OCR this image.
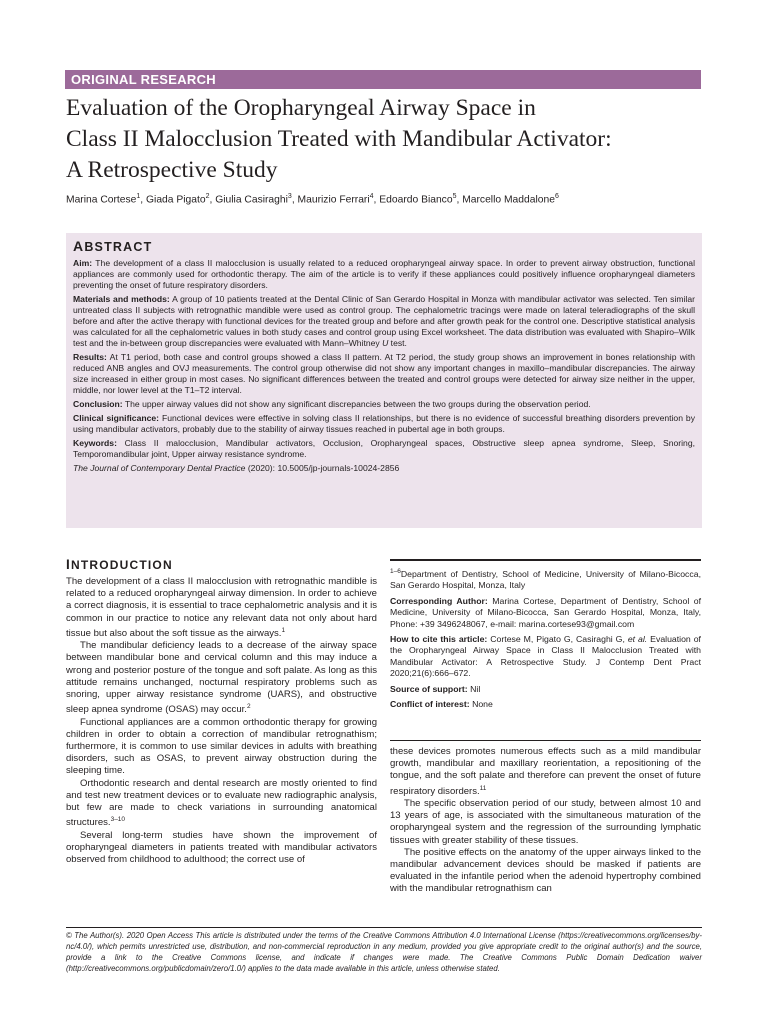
ORIGINAL RESEARCH
Evaluation of the Oropharyngeal Airway Space in
Class II Malocclusion Treated with Mandibular Activator:
A Retrospective Study
Marina Cortese$^1$, Giada Pigato$^2$, Giulia Casiraghi$^3$, Maurizio Ferrari$^4$, Edoardo Bianco$^5$, Marcello Maddalone$^6$
ABSTRACT

Aim: The development of a class II malocclusion is usually related to a reduced oropharyngeal airway space. In order to prevent airway obstruction, functional appliances are commonly used for orthodontic therapy. The aim of the article is to verify if these appliances could positively influence oropharyngeal diameters preventing the onset of future respiratory disorders.

Materials and methods: A group of 10 patients treated at the Dental Clinic of San Gerardo Hospital in Monza with mandibular activator was selected. Ten similar untreated class II subjects with retrognathic mandible were used as control group. The cephalometric tracings were made on lateral teleradiographs of the skull before and after the active therapy with functional devices for the treated group and before and after growth peak for the control one. Descriptive statistical analysis was calculated for all the cephalometric values in both study cases and control group using Excel worksheet. The data distribution was evaluated with Shapiro–Wilk test and the in-between group discrepancies were evaluated with Mann–Whitney U test.

Results: At T1 period, both case and control groups showed a class II pattern. At T2 period, the study group shows an improvement in bones relationship with reduced ANB angles and OVJ measurements. The control group otherwise did not show any important changes in maxillo–mandibular discrepancies. The airway size increased in either group in most cases. No significant differences between the treated and control groups were detected for airway size neither in the upper, middle, nor lower level at the T1–T2 interval.

Conclusion: The upper airway values did not show any significant discrepancies between the two groups during the observation period.

Clinical significance: Functional devices were effective in solving class II relationships, but there is no evidence of successful breathing disorders prevention by using mandibular activators, probably due to the stability of airway tissues reached in pubertal age in both groups.

Keywords: Class II malocclusion, Mandibular activators, Occlusion, Oropharyngeal spaces, Obstructive sleep apnea syndrome, Sleep, Snoring, Temporomandibular joint, Upper airway resistance syndrome.

The Journal of Contemporary Dental Practice (2020): 10.5005/jp-journals-10024-2856

INTRODUCTION

The development of a class II malocclusion with retrognathic mandible is related to a reduced oropharyngeal airway dimension. In order to achieve a correct diagnosis, it is essential to trace cephalometric analysis and it is common in our practice to notice any relevant data not only about hard tissue but also about the soft tissue as the airways.$^1$

The mandibular deficiency leads to a decrease of the airway space between mandibular bone and cervical column and this may induce a wrong and posterior posture of the tongue and soft palate. As long as this attitude remains unchanged, nocturnal respiratory problems such as snoring, upper airway resistance syndrome (UARS), and obstructive sleep apnea syndrome (OSAS) may occur.$^2$

Functional appliances are a common orthodontic therapy for growing children in order to obtain a correction of mandibular retrognathism; furthermore, it is common to use similar devices in adults with breathing disorders, such as OSAS, to prevent airway obstruction during the sleeping time.

Orthodontic research and dental research are mostly oriented to find and test new treatment devices or to evaluate new radiographic analysis, but few are made to check variations in surrounding anatomical structures.$^{3-10}$

Several long-term studies have shown the improvement of oropharyngeal diameters in patients treated with mandibular activators observed from childhood to adulthood; the correct use of

$^{1-6}$Department of Dentistry, School of Medicine, University of Milano-Bicocca, San Gerardo Hospital, Monza, Italy

Corresponding Author: Marina Cortese, Department of Dentistry, School of Medicine, University of Milano-Bicocca, San Gerardo Hospital, Monza, Italy, Phone: +39 3496248067, e-mail: marina.cortese93@gmail.com

How to cite this article: Cortese M, Pigato G, Casiraghi G, et al. Evaluation of the Oropharyngeal Airway Space in Class II Malocclusion Treated with Mandibular Activator: A Retrospective Study. J Contemp Dent Pract 2020;21(6):666–672.

Source of support: Nil

Conflict of interest: None

these devices promotes numerous effects such as a mild mandibular growth, mandibular and maxillary reorientation, a repositioning of the tongue, and the soft palate and therefore can prevent the onset of future respiratory disorders.$^{11}$

The specific observation period of our study, between almost 10 and 13 years of age, is associated with the simultaneous maturation of the oropharyngeal system and the regression of the surrounding lymphatic tissues with greater stability of these tissues.

The positive effects on the anatomy of the upper airways linked to the mandibular advancement devices should be masked if patients are evaluated in the infantile period when the adenoid hypertrophy combined with the mandibular retrognathism can

© The Author(s). 2020 Open Access This article is distributed under the terms of the Creative Commons Attribution 4.0 International License (https://creativecommons.org/licenses/by-nc/4.0/), which permits unrestricted use, distribution, and non-commercial reproduction in any medium, provided you give appropriate credit to the original author(s) and the source, provide a link to the Creative Commons license, and indicate if changes were made. The Creative Commons Public Domain Dedication waiver (http://creativecommons.org/publicdomain/zero/1.0/) applies to the data made available in this article, unless otherwise stated.
